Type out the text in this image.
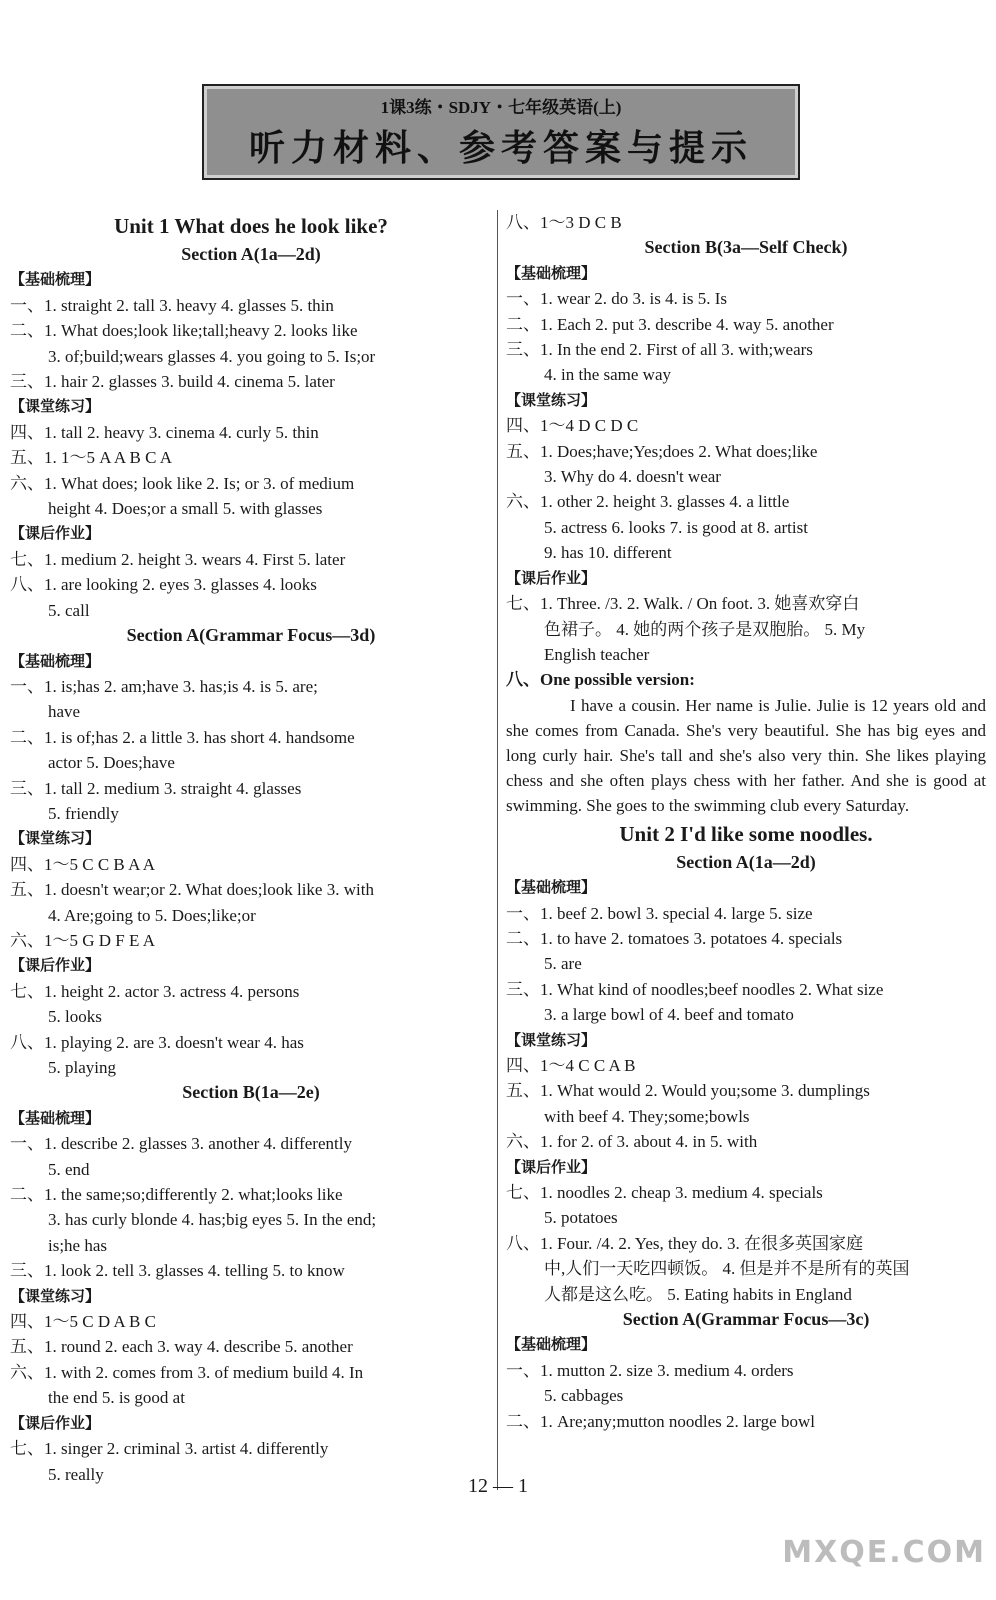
1课3练・SDJY・七年级英语(上)
听力材料、参考答案与提示
Unit 1 What does he look like?
Section A(1a—2d)
【基础梳理】
一、1. straight 2. tall 3. heavy 4. glasses 5. thin
二、1. What does;look like;tall;heavy 2. looks like
3. of;build;wears glasses 4. you going to 5. Is;or
三、1. hair 2. glasses 3. build 4. cinema 5. later
【课堂练习】
四、1. tall 2. heavy 3. cinema 4. curly 5. thin
五、1. 1～5 A A B C A
六、1. What does; look like 2. Is; or 3. of medium
height 4. Does;or a small 5. with glasses
【课后作业】
七、1. medium 2. height 3. wears 4. First 5. later
八、1. are looking 2. eyes 3. glasses 4. looks
5. call
Section A(Grammar Focus—3d)
【基础梳理】
一、1. is;has 2. am;have 3. has;is 4. is 5. are;
have
二、1. is of;has 2. a little 3. has short 4. handsome
actor 5. Does;have
三、1. tall 2. medium 3. straight 4. glasses
5. friendly
【课堂练习】
四、1～5 C C B A A
五、1. doesn't wear;or 2. What does;look like 3. with
4. Are;going to 5. Does;like;or
六、1～5 G D F E A
【课后作业】
七、1. height 2. actor 3. actress 4. persons
5. looks
八、1. playing 2. are 3. doesn't wear 4. has
5. playing
Section B(1a—2e)
【基础梳理】
一、1. describe 2. glasses 3. another 4. differently
5. end
二、1. the same;so;differently 2. what;looks like
3. has curly blonde 4. has;big eyes 5. In the end;
is;he has
三、1. look 2. tell 3. glasses 4. telling 5. to know
【课堂练习】
四、1～5 C D A B C
五、1. round 2. each 3. way 4. describe 5. another
六、1. with 2. comes from 3. of medium build 4. In
the end 5. is good at
【课后作业】
七、1. singer 2. criminal 3. artist 4. differently
5. really
八、1～3 D C B
Section B(3a—Self Check)
【基础梳理】
一、1. wear 2. do 3. is 4. is 5. Is
二、1. Each 2. put 3. describe 4. way 5. another
三、1. In the end 2. First of all 3. with;wears
4. in the same way
【课堂练习】
四、1～4 D C D C
五、1. Does;have;Yes;does 2. What does;like
3. Why do 4. doesn't wear
六、1. other 2. height 3. glasses 4. a little
5. actress 6. looks 7. is good at 8. artist
9. has 10. different
【课后作业】
七、1. Three. /3. 2. Walk. / On foot. 3. 她喜欢穿白
色裙子。 4. 她的两个孩子是双胞胎。 5. My
English teacher
八、One possible version:
I have a cousin. Her name is Julie. Julie is 12 years old and she comes from Canada. She's very beautiful. She has big eyes and long curly hair. She's tall and she's also very thin. She likes playing chess and she often plays chess with her father. And she is good at swimming. She goes to the swimming club every Saturday.
Unit 2 I'd like some noodles.
Section A(1a—2d)
【基础梳理】
一、1. beef 2. bowl 3. special 4. large 5. size
二、1. to have 2. tomatoes 3. potatoes 4. specials
5. are
三、1. What kind of noodles;beef noodles 2. What size
3. a large bowl of 4. beef and tomato
【课堂练习】
四、1～4 C C A B
五、1. What would 2. Would you;some 3. dumplings
with beef 4. They;some;bowls
六、1. for 2. of 3. about 4. in 5. with
【课后作业】
七、1. noodles 2. cheap 3. medium 4. specials
5. potatoes
八、1. Four. /4. 2. Yes, they do. 3. 在很多英国家庭
中,人们一天吃四顿饭。 4. 但是并不是所有的英国
人都是这么吃。 5. Eating habits in England
Section A(Grammar Focus—3c)
【基础梳理】
一、1. mutton 2. size 3. medium 4. orders
5. cabbages
二、1. Are;any;mutton noodles 2. large bowl
12 — 1
MXQE.COM
